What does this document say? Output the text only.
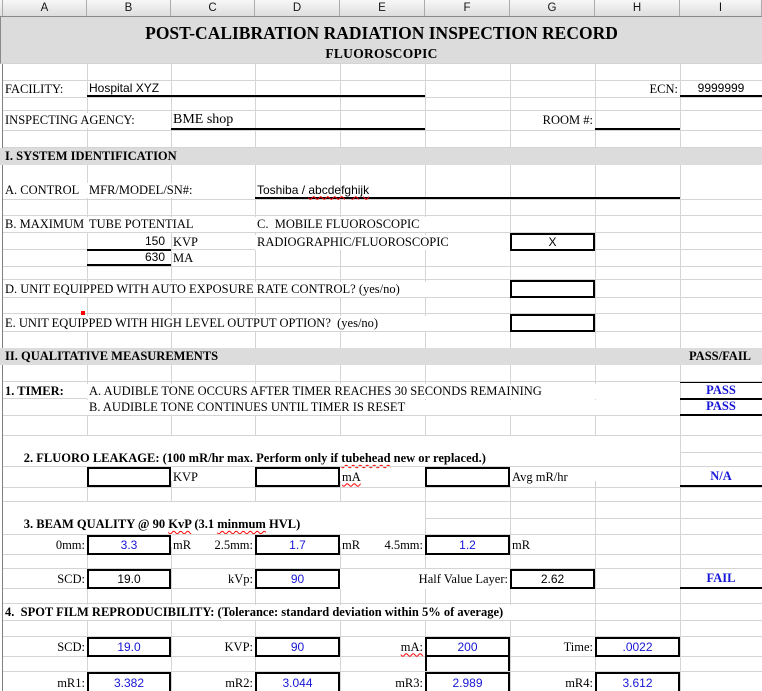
A	B	C	D	E	F	G	H	I
POST-CALIBRATION RADIATION INSPECTION RECORD
FLUOROSCOPIC
FACILITY:	Hospital XYZ	ECN:	9999999
INSPECTING AGENCY:	BME shop	ROOM #:
I. SYSTEM IDENTIFICATION
A. CONTROL MFR/MODEL/SN#:	Toshiba / abcdefghijk
B. MAXIMUM TUBE POTENTIAL	C.  MOBILE FLUOROSCOPIC
150 KVP	RADIOGRAPHIC/FLUOROSCOPIC	X
630 MA
D. UNIT EQUIPPED WITH AUTO EXPOSURE RATE CONTROL? (yes/no)
E. UNIT EQUIPPED WITH HIGH LEVEL OUTPUT OPTION?  (yes/no)
II. QUALITATIVE MEASUREMENTS	PASS/FAIL
1. TIMER:	A. AUDIBLE TONE OCCURS AFTER TIMER REACHES 30 SECONDS REMAINING	PASS
B. AUDIBLE TONE CONTINUES UNTIL TIMER IS RESET	PASS

2. FLUORO LEAKAGE: (100 mR/hr max. Perform only if tubehead new or replaced.)

KVP	mA	Avg mR/hr	N/A

3. BEAM QUALITY @ 90 KvP (3.1 minmum HVL)

0mm:	3.3	mR 2.5mm:	1.7	mR 4.5mm:	1.2	mR
SCD:	19.0	kVp:	90	Half Value Layer:	2.62	FAIL
4.  SPOT FILM REPRODUCIBILITY: (Tolerance: standard deviation within 5% of average)
SCD:	19.0	KVP:	90	mA:	200	Time:	.0022
mR1:	3.382	mR2:	3.044	mR3:	2.989	mR4:	3.612
